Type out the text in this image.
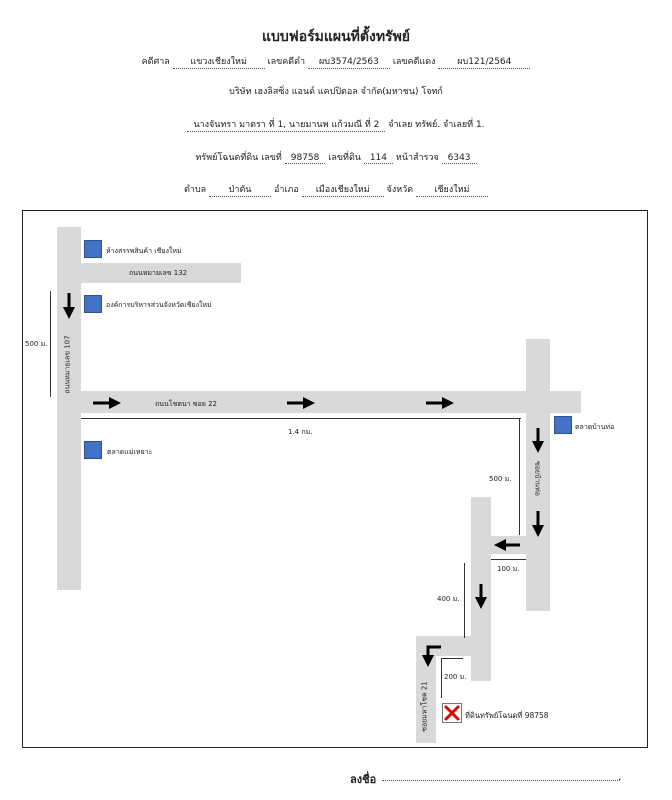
แบบฟอร์มแผนที่ตั้งทรัพย์
คดีศาล แขวงเชียงใหม่ เลขคดีดำ ผบ3574/2563 เลขคดีแดง ผบ121/2564
บริษัท เฮงลิสซิ่ง แอนด์ แคปปิตอล จำกัด(มหาชน) โจทก์
นางจันทรา มาตรา ที่ 1, นายมานพ แก้วมณี ที่ 2 จำเลย ทรัพย์. จำเลยที่ 1.
ทรัพย์โฉนดที่ดิน เลขที่ 98758 เลขที่ดิน 114 หน้าสำรวจ 6343
ตำบล ป่าตัน	อำเภอ เมืองเชียงใหม่ จังหวัด เชียงใหม่
ถนนหมายเลข 132
ถนนโชตนา ซอย 22
ถนนหมายเลข 107
ซอยบ้านท่อ
ซอยมหาโชค 21
ห้างสรรพสินค้า เชียงใหม่
องค์การบริหารส่วนจังหวัดเชียงใหม่
ตลาดแม่เหยาะ
ตลาดบ้านท่อ
ที่ดินทรัพย์โฉนดที่ 98758
500 ม.
1.4 กม.
500 ม.
100 ม.
400 ม.
200 ม.
ลงชื่อ	.
